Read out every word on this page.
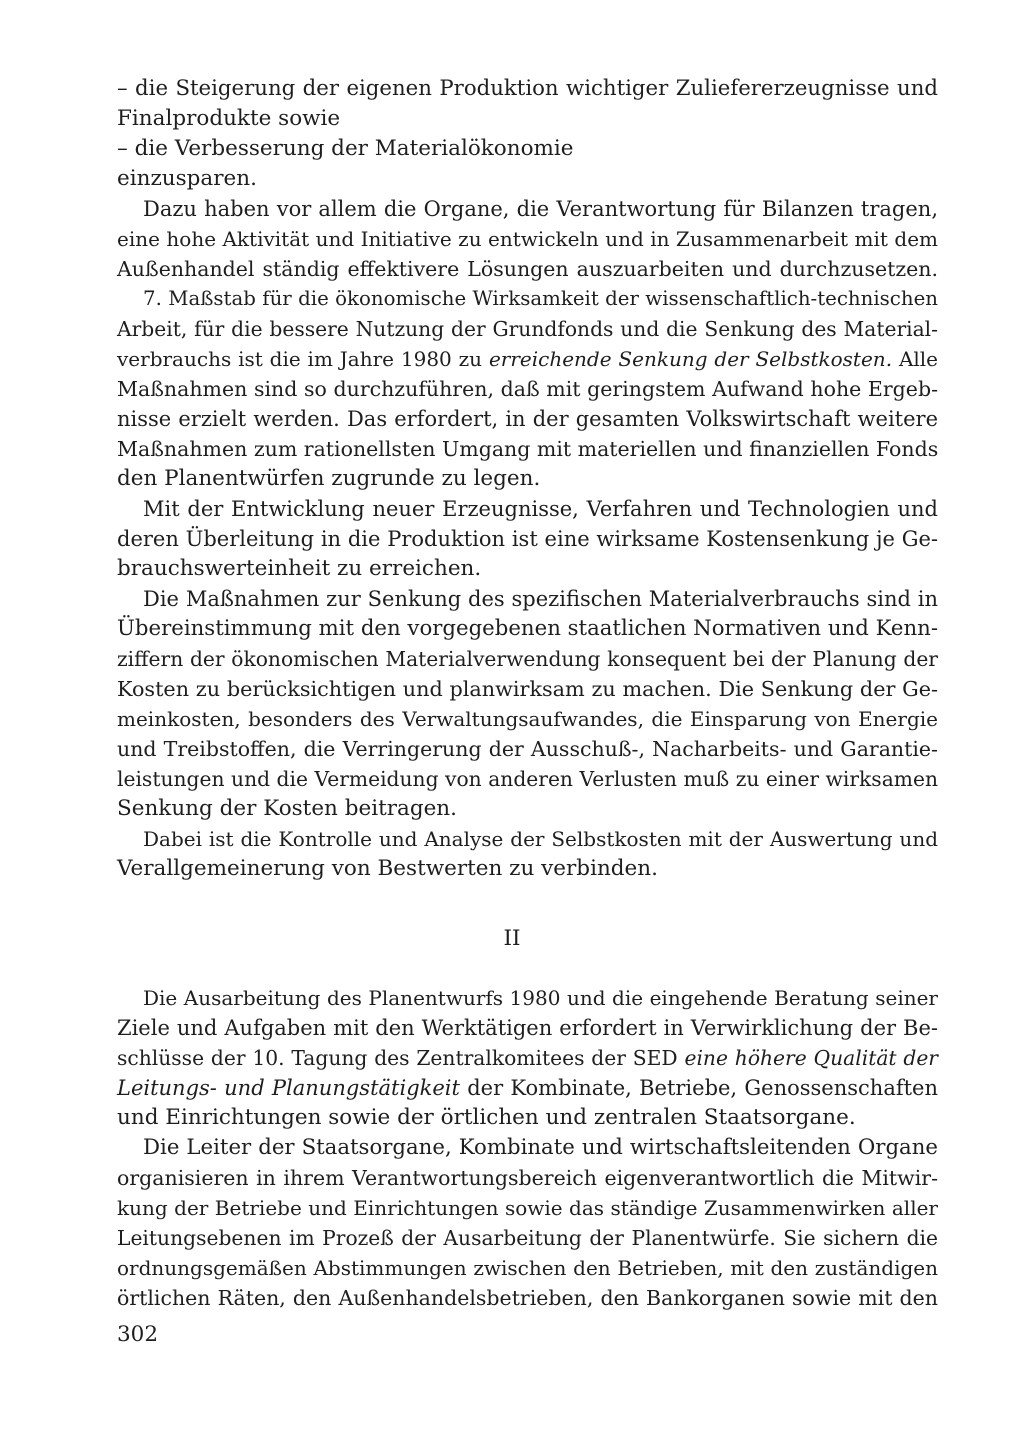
– die Steigerung der eigenen Produktion wichtiger Zuliefererzeugnisse und
Finalprodukte sowie
– die Verbesserung der Materialökonomie
einzusparen.
Dazu haben vor allem die Organe, die Verantwortung für Bilanzen tragen,
eine hohe Aktivität und Initiative zu entwickeln und in Zusammenarbeit mit dem
Außenhandel ständig effektivere Lösungen auszuarbeiten und durchzusetzen.
7. Maßstab für die ökonomische Wirksamkeit der wissenschaftlich-technischen
Arbeit, für die bessere Nutzung der Grundfonds und die Senkung des Material-
verbrauchs ist die im Jahre 1980 zu erreichende Senkung der Selbstkosten. Alle
Maßnahmen sind so durchzuführen, daß mit geringstem Aufwand hohe Ergeb-
nisse erzielt werden. Das erfordert, in der gesamten Volkswirtschaft weitere
Maßnahmen zum rationellsten Umgang mit materiellen und finanziellen Fonds
den Planentwürfen zugrunde zu legen.
Mit der Entwicklung neuer Erzeugnisse, Verfahren und Technologien und
deren Überleitung in die Produktion ist eine wirksame Kostensenkung je Ge-
brauchswerteinheit zu erreichen.
Die Maßnahmen zur Senkung des spezifischen Materialverbrauchs sind in
Übereinstimmung mit den vorgegebenen staatlichen Normativen und Kenn-
ziffern der ökonomischen Materialverwendung konsequent bei der Planung der
Kosten zu berücksichtigen und planwirksam zu machen. Die Senkung der Ge-
meinkosten, besonders des Verwaltungsaufwandes, die Einsparung von Energie
und Treibstoffen, die Verringerung der Ausschuß-, Nacharbeits- und Garantie-
leistungen und die Vermeidung von anderen Verlusten muß zu einer wirksamen
Senkung der Kosten beitragen.
Dabei ist die Kontrolle und Analyse der Selbstkosten mit der Auswertung und
Verallgemeinerung von Bestwerten zu verbinden.
II
Die Ausarbeitung des Planentwurfs 1980 und die eingehende Beratung seiner
Ziele und Aufgaben mit den Werktätigen erfordert in Verwirklichung der Be-
schlüsse der 10. Tagung des Zentralkomitees der SED eine höhere Qualität der
Leitungs- und Planungstätigkeit der Kombinate, Betriebe, Genossenschaften
und Einrichtungen sowie der örtlichen und zentralen Staatsorgane.
Die Leiter der Staatsorgane, Kombinate und wirtschaftsleitenden Organe
organisieren in ihrem Verantwortungsbereich eigenverantwortlich die Mitwir-
kung der Betriebe und Einrichtungen sowie das ständige Zusammenwirken aller
Leitungsebenen im Prozeß der Ausarbeitung der Planentwürfe. Sie sichern die
ordnungsgemäßen Abstimmungen zwischen den Betrieben, mit den zuständigen
örtlichen Räten, den Außenhandelsbetrieben, den Bankorganen sowie mit den
302
